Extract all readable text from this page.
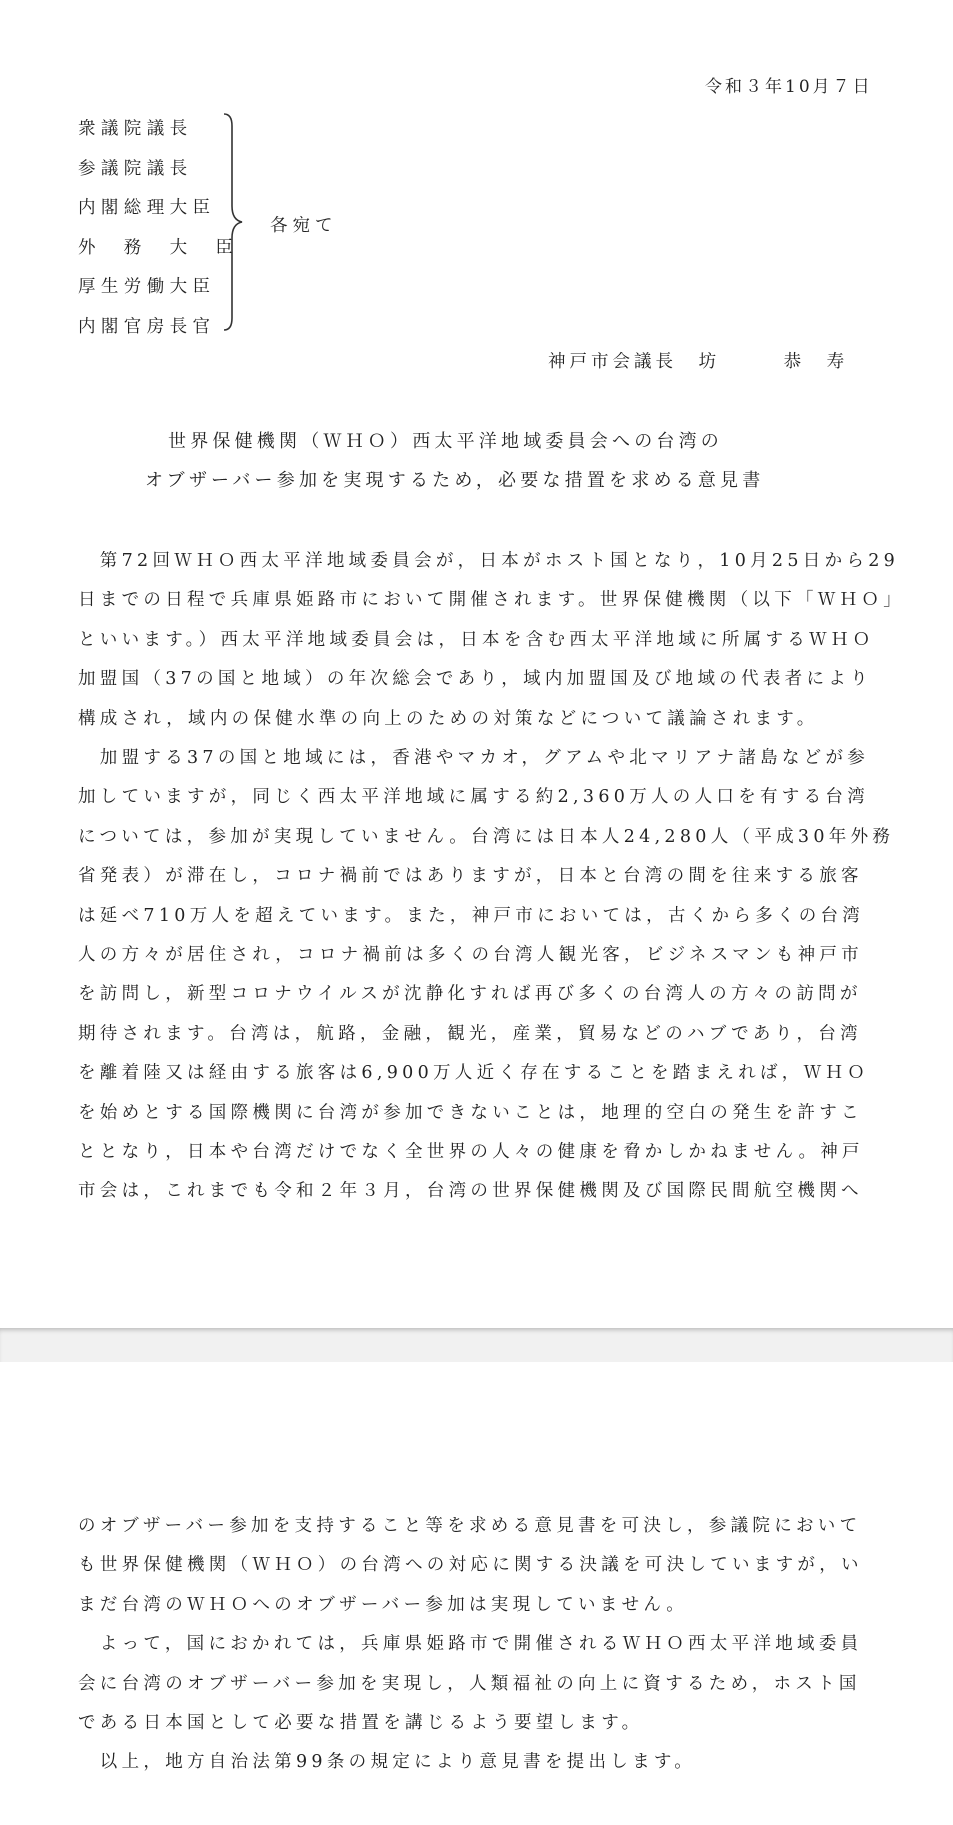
令和３年10月７日
衆議院議長
参議院議長
内閣総理大臣
外　務　大　臣
厚生労働大臣
内閣官房長官
各宛て
神戸市会議長 坊	恭　寿
世界保健機関（ＷＨＯ）西太平洋地域委員会への台湾の
オブザーバー参加を実現するため，必要な措置を求める意見書
　第72回ＷＨＯ西太平洋地域委員会が，日本がホスト国となり，10月25日から29
日までの日程で兵庫県姫路市において開催されます。世界保健機関（以下「ＷＨＯ」
といいます。）西太平洋地域委員会は，日本を含む西太平洋地域に所属するＷＨＯ
加盟国（37の国と地域）の年次総会であり，域内加盟国及び地域の代表者により
構成され，域内の保健水準の向上のための対策などについて議論されます。
　加盟する37の国と地域には，香港やマカオ，グアムや北マリアナ諸島などが参
加していますが，同じく西太平洋地域に属する約2,360万人の人口を有する台湾
については，参加が実現していません。台湾には日本人24,280人（平成30年外務
省発表）が滞在し，コロナ禍前ではありますが，日本と台湾の間を往来する旅客
は延べ710万人を超えています。また，神戸市においては，古くから多くの台湾
人の方々が居住され，コロナ禍前は多くの台湾人観光客，ビジネスマンも神戸市
を訪問し，新型コロナウイルスが沈静化すれば再び多くの台湾人の方々の訪問が
期待されます。台湾は，航路，金融，観光，産業，貿易などのハブであり，台湾
を離着陸又は経由する旅客は6,900万人近く存在することを踏まえれば，ＷＨＯ
を始めとする国際機関に台湾が参加できないことは，地理的空白の発生を許すこ
ととなり，日本や台湾だけでなく全世界の人々の健康を脅かしかねません。神戸
市会は，これまでも令和２年３月，台湾の世界保健機関及び国際民間航空機関へ
のオブザーバー参加を支持すること等を求める意見書を可決し，参議院において
も世界保健機関（ＷＨＯ）の台湾への対応に関する決議を可決していますが，い
まだ台湾のＷＨＯへのオブザーバー参加は実現していません。
　よって，国におかれては，兵庫県姫路市で開催されるＷＨＯ西太平洋地域委員
会に台湾のオブザーバー参加を実現し，人類福祉の向上に資するため，ホスト国
である日本国として必要な措置を講じるよう要望します。
　以上，地方自治法第99条の規定により意見書を提出します。
